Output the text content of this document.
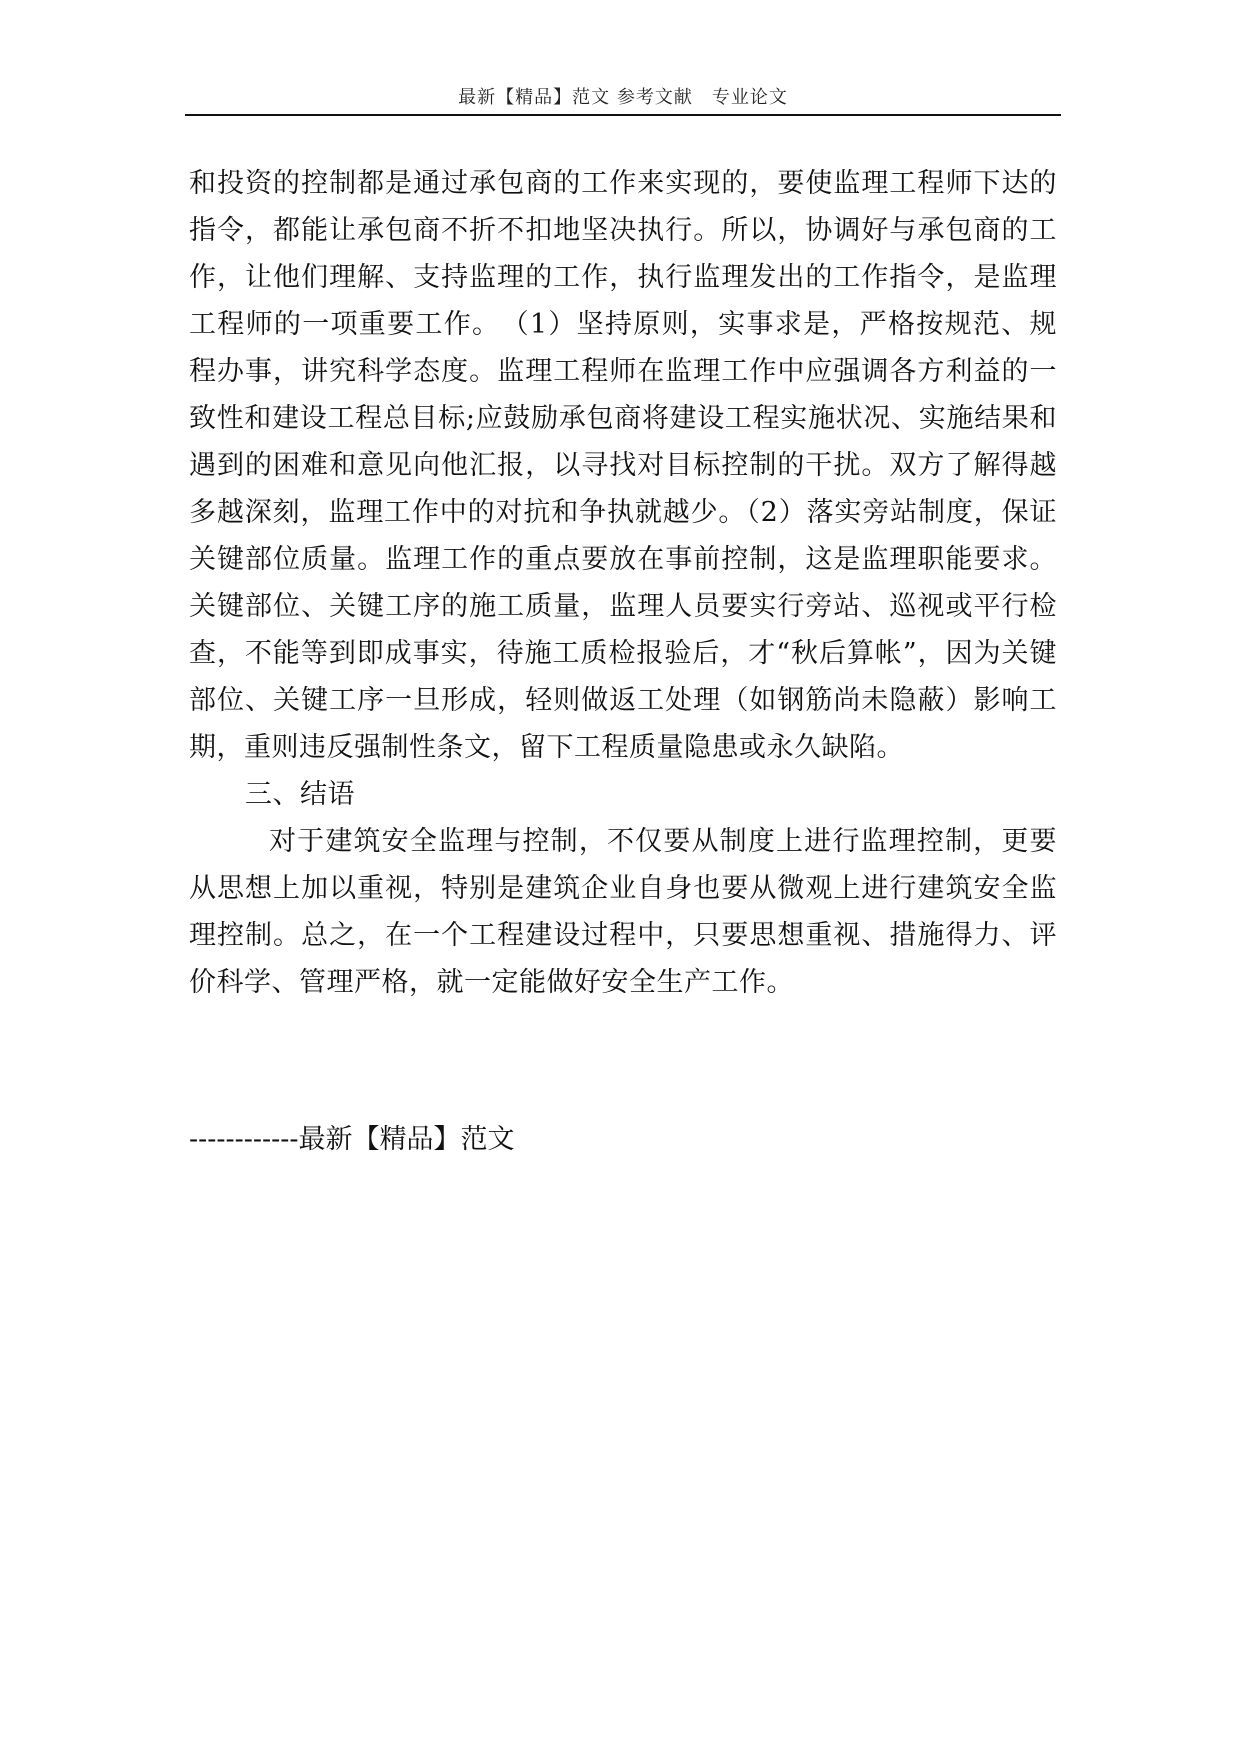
最新【精品】范文 参考文献　专业论文

和投资的控制都是通过承包商的工作来实现的，要使监理工程师下达的指令，都能让承包商不折不扣地坚决执行。所以，协调好与承包商的工作，让他们理解、支持监理的工作，执行监理发出的工作指令，是监理工程师的一项重要工作。　（1）坚持原则，实事求是，严格按规范、规程办事，讲究科学态度。监理工程师在监理工作中应强调各方利益的一致性和建设工程总目标;应鼓励承包商将建设工程实施状况、实施结果和遇到的困难和意见向他汇报，以寻找对目标控制的干扰。双方了解得越多越深刻，监理工作中的对抗和争执就越少。（2）落实旁站制度，保证关键部位质量。监理工作的重点要放在事前控制，这是监理职能要求。关键部位、关键工序的施工质量，监理人员要实行旁站、巡视或平行检查，不能等到即成事实，待施工质检报验后，才“秋后算帐”，因为关键部位、关键工序一旦形成，轻则做返工处理（如钢筋尚未隐蔽）影响工期，重则违反强制性条文，留下工程质量隐患或永久缺陷。

三、结语

对于建筑安全监理与控制，不仅要从制度上进行监理控制，更要从思想上加以重视，特别是建筑企业自身也要从微观上进行建筑安全监理控制。总之，在一个工程建设过程中，只要思想重视、措施得力、评价科学、管理严格，就一定能做好安全生产工作。

------------最新【精品】范文
